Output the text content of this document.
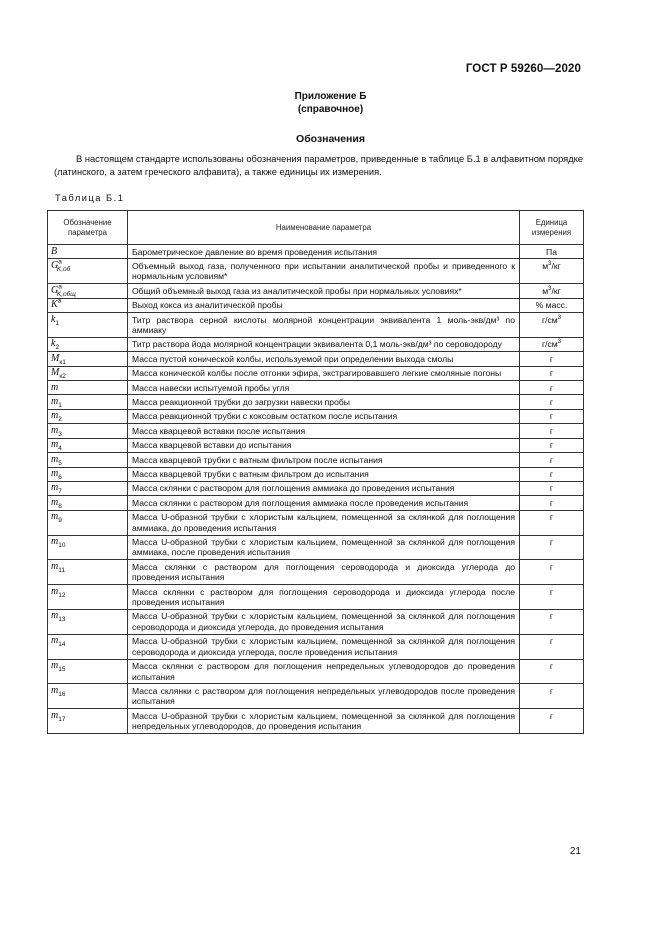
ГОСТ Р 59260—2020
Приложение Б
(справочное)
Обозначения
В настоящем стандарте использованы обозначения параметров, приведенные в таблице Б.1 в алфавитном порядке (латинского, а затем греческого алфавита), а также единицы их измерения.
Таблица Б.1
Обозначение параметра	Наименование параметра	Единица измерения
B	Барометрическое давление во время проведения испытания	Па
$G^a_{K,об}$	Объемный выход газа, полученного при испытании аналитической пробы и приведенного к нормальным условиям*	$м^3/кг$
$G^a_{K,общ}$	Общий объемный выход газа из аналитической пробы при нормальных условиях*	$м^3/кг$
$K^a$	Выход кокса из аналитической пробы	% масс.
$k_1$	Титр раствора серной кислоты молярной концентрации эквивалента 1 моль-экв/дм³ по аммиаку	$г/см^3$
$k_2$	Титр раствора йода молярной концентрации эквивалента 0,1 моль-экв/дм³ по сероводороду	$г/см^3$
$M_{к1}$	Масса пустой конической колбы, используемой при определении выхода смолы	г
$M_{к2}$	Масса конической колбы после отгонки эфира, экстрагировавшего легкие смоляные погоны	г
m	Масса навески испытуемой пробы угля	г
$m_1$	Масса реакционной трубки до загрузки навески пробы	г
$m_2$	Масса реакционной трубки с коксовым остатком после испытания	г
$m_3$	Масса кварцевой вставки после испытания	г
$m_4$	Масса кварцевой вставки до испытания	г
$m_5$	Масса кварцевой трубки с ватным фильтром после испытания	г
$m_6$	Масса кварцевой трубки с ватным фильтром до испытания	г
$m_7$	Масса склянки с раствором для поглощения аммиака до проведения испытания	г
$m_8$	Масса склянки с раствором для поглощения аммиака после проведения испытания	г
$m_9$	Масса U-образной трубки с хлористым кальцием, помещенной за склянкой для поглощения аммиака, до проведения испытания	г
$m_{10}$	Масса U-образной трубки с хлористым кальцием, помещенной за склянкой для поглощения аммиака, после проведения испытания	г
$m_{11}$	Масса склянки с раствором для поглощения сероводорода и диоксида углерода до проведения испытания	г
$m_{12}$	Масса склянки с раствором для поглощения сероводорода и диоксида углерода после проведения испытания	г
$m_{13}$	Масса U-образной трубки с хлористым кальцием, помещенной за склянкой для поглощения сероводорода и диоксида углерода, до проведения испытания	г
$m_{14}$	Масса U-образной трубки с хлористым кальцием, помещенной за склянкой для поглощения сероводорода и диоксида углерода, после проведения испытания	г
$m_{15}$	Масса склянки с раствором для поглощения непредельных углеводородов до проведения испытания	г
$m_{16}$	Масса склянки с раствором для поглощения непредельных углеводородов после проведения испытания	г
$m_{17}$	Масса U-образной трубки с хлористым кальцием, помещенной за склянкой для поглощения непредельных углеводородов, до проведения испытания	г
21
